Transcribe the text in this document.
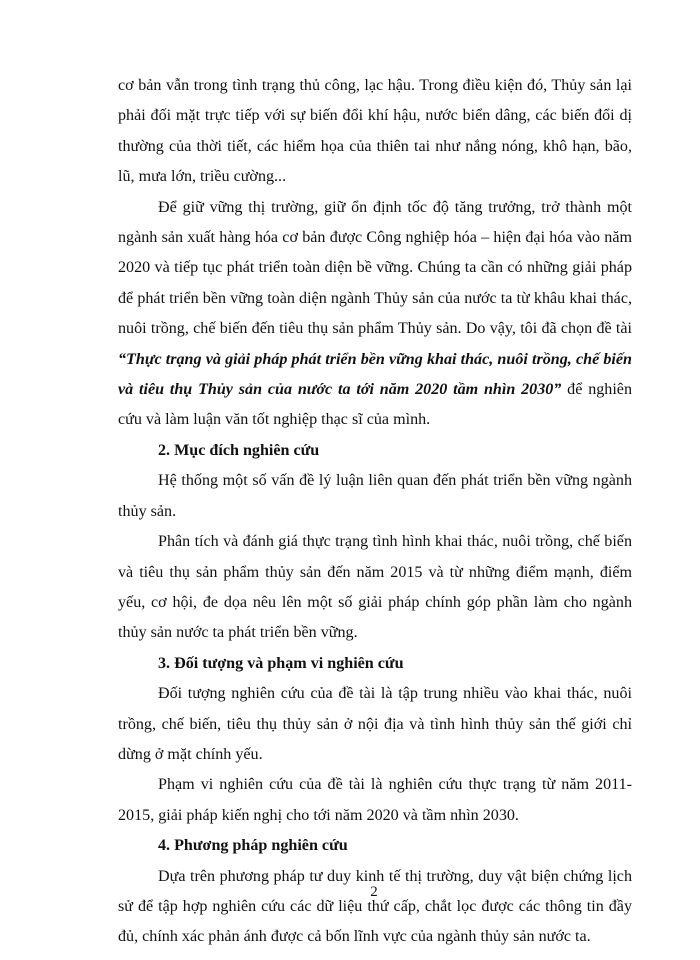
cơ bản vẫn trong tình trạng thủ công, lạc hậu. Trong điều kiện đó, Thủy sản lại phải đối mặt trực tiếp với sự biến đổi khí hậu, nước biển dâng, các biến đổi dị thường của thời tiết, các hiểm họa của thiên tai như nắng nóng, khô hạn, bão, lũ, mưa lớn, triều cường...

Để giữ vững thị trường, giữ ổn định tốc độ tăng trưởng, trở thành một ngành sản xuất hàng hóa cơ bản được Công nghiệp hóa – hiện đại hóa vào năm 2020 và tiếp tục phát triển toàn diện bề vững. Chúng ta cần có những giải pháp để phát triển bền vững toàn diện ngành Thủy sản của nước ta từ khâu khai thác, nuôi trồng, chế biến đến tiêu thụ sản phẩm Thủy sản. Do vậy, tôi đã chọn đề tài “Thực trạng và giải pháp phát triển bền vững khai thác, nuôi trồng, chế biến và tiêu thụ Thủy sản của nước ta tới năm 2020 tầm nhìn 2030” để nghiên cứu và làm luận văn tốt nghiệp thạc sĩ của mình.

2. Mục đích nghiên cứu

Hệ thống một số vấn đề lý luận liên quan đến phát triển bền vững ngành thủy sản.

Phân tích và đánh giá thực trạng tình hình khai thác, nuôi trồng, chế biến và tiêu thụ sản phẩm thủy sản đến năm 2015 và từ những điểm mạnh, điểm yếu, cơ hội, đe dọa nêu lên một số giải pháp chính góp phần làm cho ngành thủy sản nước ta phát triển bền vững.

3. Đối tượng và phạm vi nghiên cứu

Đối tượng nghiên cứu của đề tài là tập trung nhiều vào khai thác, nuôi trồng, chế biến, tiêu thụ thủy sản ở nội địa và tình hình thủy sản thế giới chỉ dừng ở mặt chính yếu.

Phạm vi nghiên cứu của đề tài là nghiên cứu thực trạng từ năm 2011-2015, giải pháp kiến nghị cho tới năm 2020 và tầm nhìn 2030.

4. Phương pháp nghiên cứu

Dựa trên phương pháp tư duy kinh tế thị trường, duy vật biện chứng lịch sử để tập hợp nghiên cứu các dữ liệu thứ cấp, chắt lọc được các thông tin đầy đủ, chính xác phản ánh được cả bốn lĩnh vực của ngành thủy sản nước ta.

2
